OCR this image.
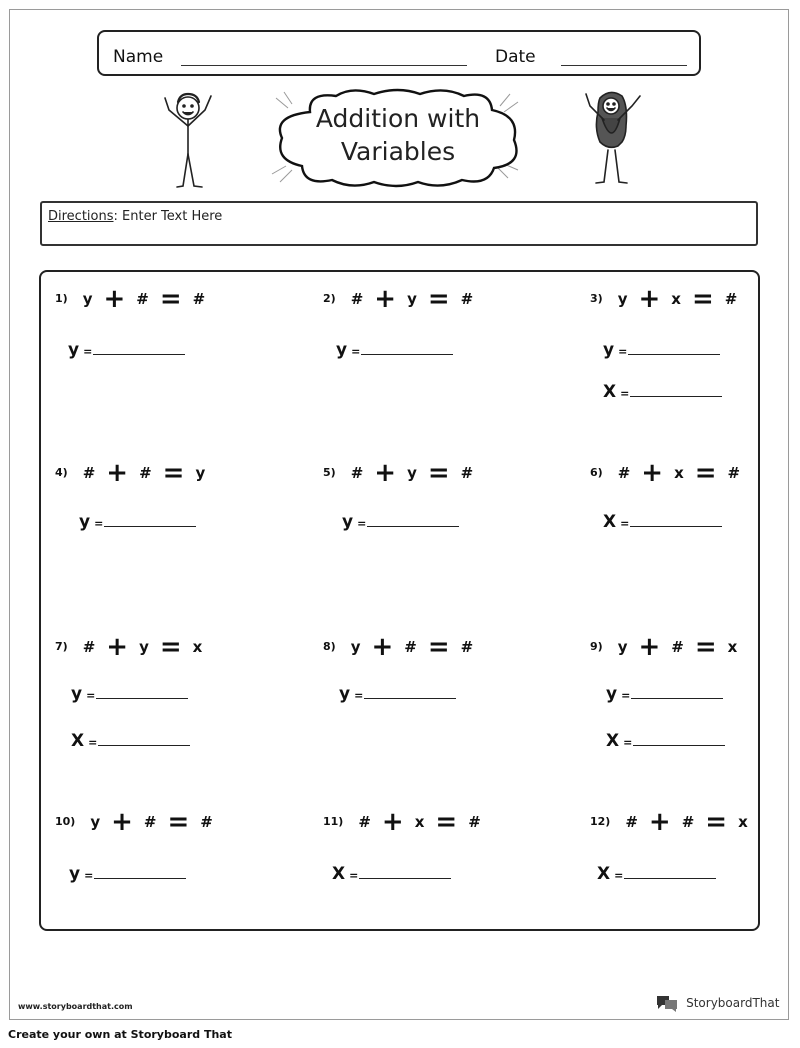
Name	Date
Addition with
Variables
Directions: Enter Text Here
1) y + # = #
y =
2) # + y = #
y =
3) y + x = #
y =
X =
4) # + # = y
y =
5) # + y = #
y =
6) # + x = #
X =
7) # + y = x
y =
X =
8) y + # = #
y =
9) y + # = x
y =
X =
10) y + # = #
y =
11) # + x = #
X =
12) # + # = x
X =
www.storyboardthat.com	StoryboardThat
Create your own at Storyboard That
